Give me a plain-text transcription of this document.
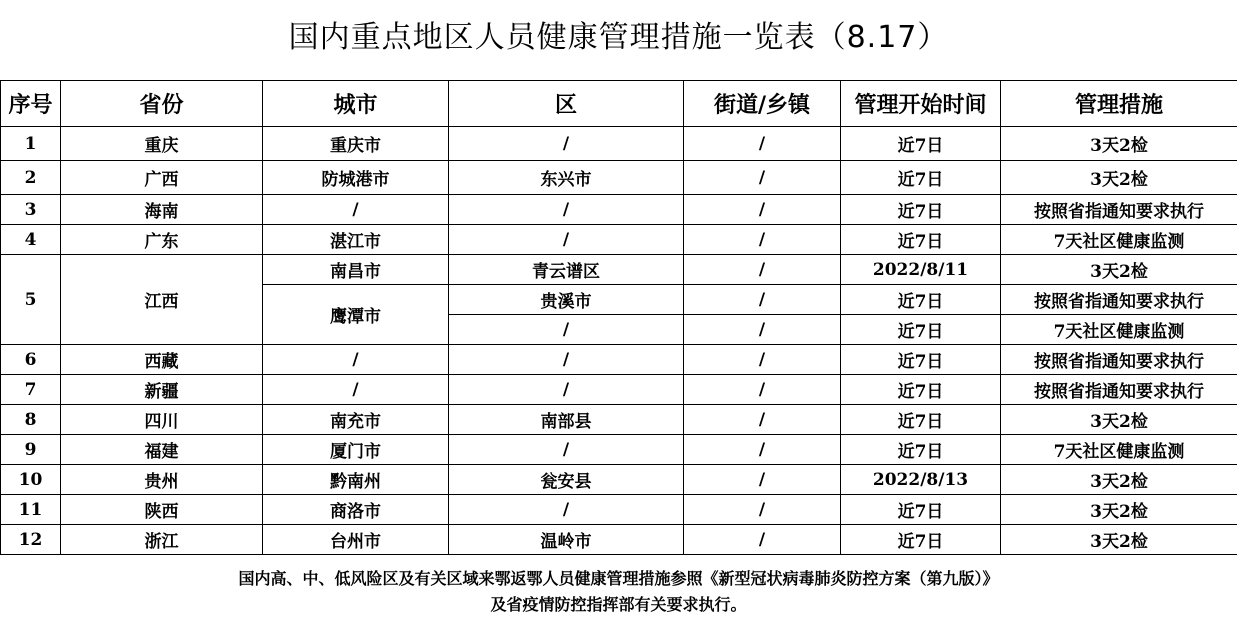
国内重点地区人员健康管理措施一览表（8.17）
序号	省份	城市	区	街道/乡镇	管理开始时间	管理措施
1	重庆	重庆市	/	/	近7日	3天2检
2	广西	防城港市	东兴市	/	近7日	3天2检
3	海南	/	/	/	近7日	按照省指通知要求执行
4	广东	湛江市	/	/	近7日	7天社区健康监测
5	江西	南昌市	青云谱区	/	2022/8/11	3天2检
		鹰潭市	贵溪市	/	近7日	按照省指通知要求执行
			/	/	近7日	7天社区健康监测
6	西藏	/	/	/	近7日	按照省指通知要求执行
7	新疆	/	/	/	近7日	按照省指通知要求执行
8	四川	南充市	南部县	/	近7日	3天2检
9	福建	厦门市	/	/	近7日	7天社区健康监测
10	贵州	黔南州	瓮安县	/	2022/8/13	3天2检
11	陕西	商洛市	/	/	近7日	3天2检
12	浙江	台州市	温岭市	/	近7日	3天2检
国内高、中、低风险区及有关区域来鄂返鄂人员健康管理措施参照《新型冠状病毒肺炎防控方案（第九版）》
及省疫情防控指挥部有关要求执行。
